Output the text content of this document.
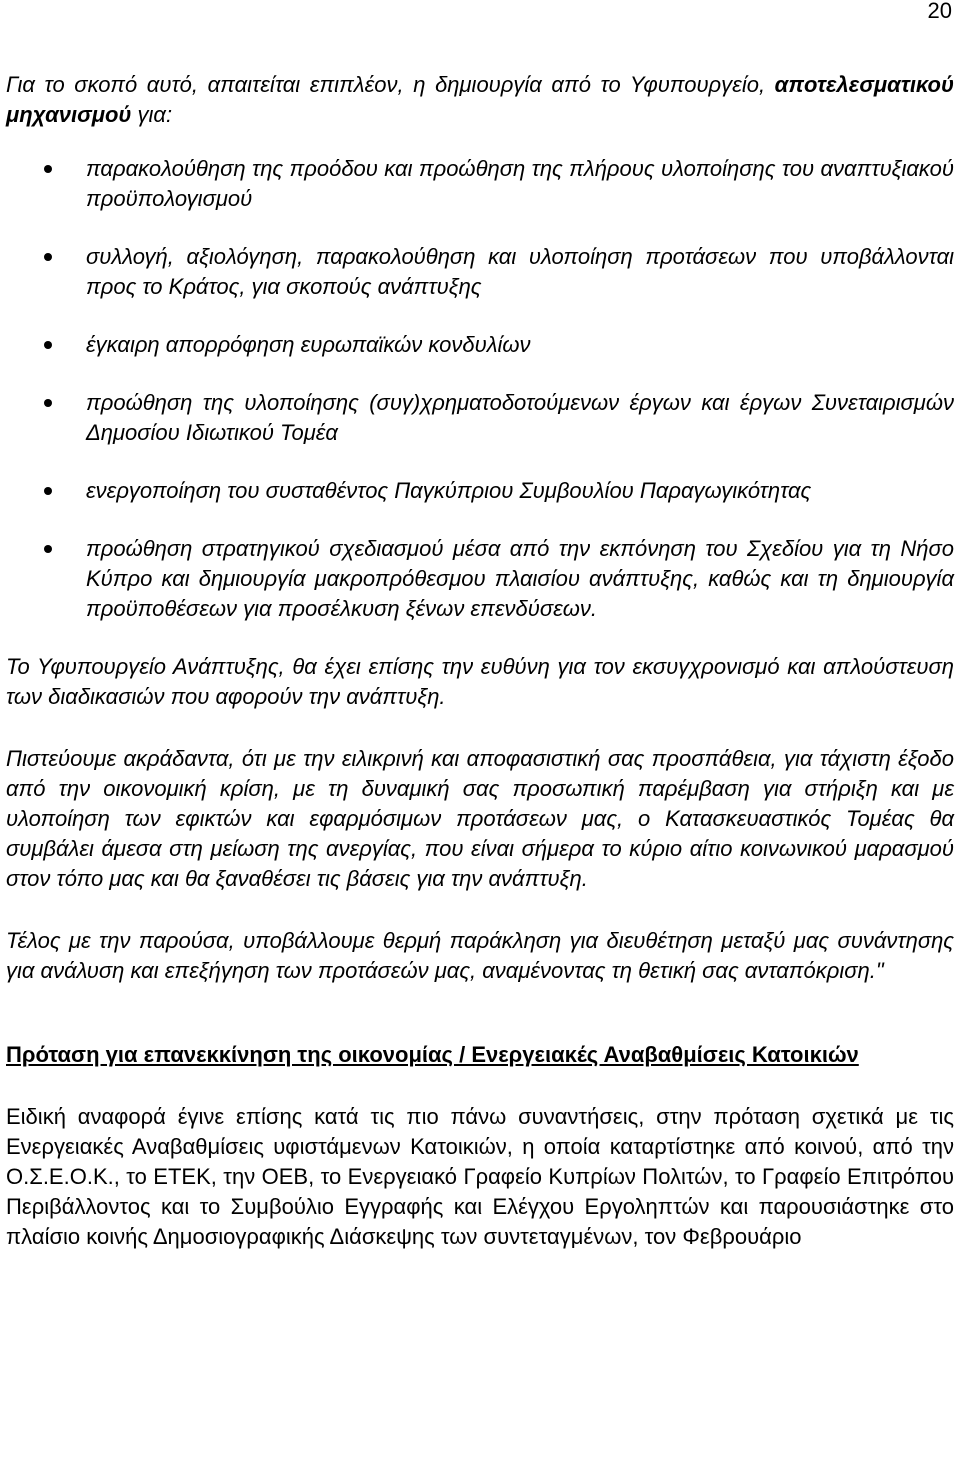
20

Για το σκοπό αυτό, απαιτείται επιπλέον, η δημιουργία από το Υφυπουργείο, αποτελεσματικού μηχανισμού για:

παρακολούθηση της προόδου και προώθηση της πλήρους υλοποίησης του αναπτυξιακού προϋπολογισμού
συλλογή, αξιολόγηση, παρακολούθηση και υλοποίηση προτάσεων που υποβάλλονται προς το Κράτος, για σκοπούς ανάπτυξης
έγκαιρη απορρόφηση ευρωπαϊκών κονδυλίων
προώθηση της υλοποίησης (συγ)χρηματοδοτούμενων έργων και έργων Συνεταιρισμών Δημοσίου Ιδιωτικού Τομέα
ενεργοποίηση του συσταθέντος Παγκύπριου Συμβουλίου Παραγωγικότητας
προώθηση στρατηγικού σχεδιασμού μέσα από την εκπόνηση του Σχεδίου για τη Νήσο Κύπρο και δημιουργία μακροπρόθεσμου πλαισίου ανάπτυξης, καθώς και τη δημιουργία προϋποθέσεων για προσέλκυση ξένων επενδύσεων.

Το Υφυπουργείο Ανάπτυξης, θα έχει επίσης την ευθύνη για τον εκσυγχρονισμό και απλούστευση των διαδικασιών που αφορούν την ανάπτυξη.

Πιστεύουμε ακράδαντα, ότι με την ειλικρινή και αποφασιστική σας προσπάθεια, για τάχιστη έξοδο από την οικονομική κρίση, με τη δυναμική σας προσωπική παρέμβαση για στήριξη και με υλοποίηση των εφικτών και εφαρμόσιμων προτάσεων μας, ο Κατασκευαστικός Τομέας θα συμβάλει άμεσα στη μείωση της ανεργίας, που είναι σήμερα το κύριο αίτιο κοινωνικού μαρασμού στον τόπο μας και θα ξαναθέσει τις βάσεις για την ανάπτυξη.

Τέλος με την παρούσα, υποβάλλουμε θερμή παράκληση για διευθέτηση μεταξύ μας συνάντησης για ανάλυση και επεξήγηση των προτάσεών μας, αναμένοντας τη θετική σας ανταπόκριση."

Πρόταση για επανεκκίνηση της οικονομίας / Ενεργειακές Αναβαθμίσεις Κατοικιών

Ειδική αναφορά έγινε επίσης κατά τις πιο πάνω συναντήσεις, στην πρόταση σχετικά με τις Ενεργειακές Αναβαθμίσεις υφιστάμενων Κατοικιών, η οποία καταρτίστηκε από κοινού, από την Ο.Σ.Ε.Ο.Κ., το ΕΤΕΚ, την ΟΕΒ, το Ενεργειακό Γραφείο Κυπρίων Πολιτών, το Γραφείο Επιτρόπου Περιβάλλοντος και το Συμβούλιο Εγγραφής και Ελέγχου Εργοληπτών και παρουσιάστηκε στο πλαίσιο κοινής Δημοσιογραφικής Διάσκεψης των συντεταγμένων, τον Φεβρουάριο
